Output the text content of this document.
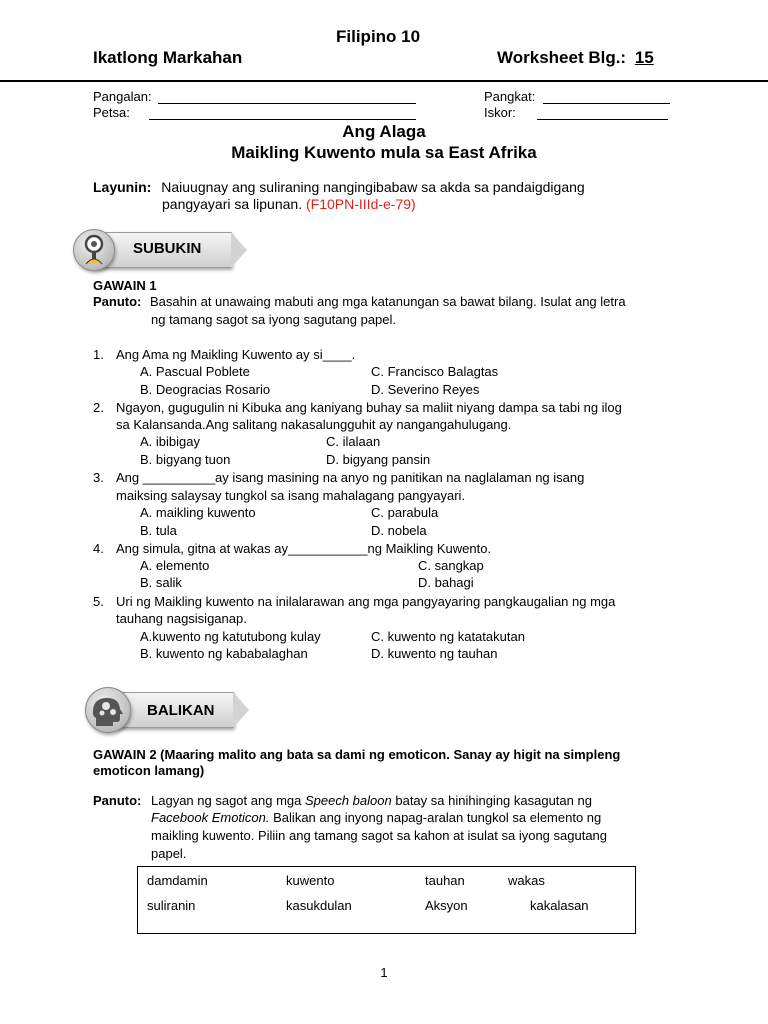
Filipino 10
Ikatlong Markahan	Worksheet Blg.: 15
Pangalan:	Pangkat:
Petsa:	Iskor:
Ang Alaga
Maikling Kuwento mula sa East Afrika
Layunin: Naiuugnay ang suliraning nangingibabaw sa akda sa pandaigdigang
pangyayari sa lipunan. (F10PN-IIId-e-79)
SUBUKIN
GAWAIN 1
Panuto: Basahin at unawaing mabuti ang mga katanungan sa bawat bilang. Isulat ang letra
ng tamang sagot sa iyong sagutang papel.
1. Ang Ama ng Maikling Kuwento ay si____.
A. Pascual Poblete	C. Francisco Balagtas
B. Deogracias Rosario	D. Severino Reyes
2. Ngayon, gugugulin ni Kibuka ang kaniyang buhay sa maliit niyang dampa sa tabi ng ilog
sa Kalansanda.Ang salitang nakasalungguhit ay nangangahulugang.
A. ibibigay	C. ilalaan
B. bigyang tuon	D. bigyang pansin
3. Ang __________ay isang masining na anyo ng panitikan na naglalaman ng isang
maiksing salaysay tungkol sa isang mahalagang pangyayari.
A. maikling kuwento	C. parabula
B. tula	D. nobela
4. Ang simula, gitna at wakas ay___________ng Maikling Kuwento.
A. elemento	C. sangkap
B. salik	D. bahagi
5. Uri ng Maikling kuwento na inilalarawan ang mga pangyayaring pangkaugalian ng mga
tauhang nagsisiganap.
A.kuwento ng katutubong kulay	C. kuwento ng katatakutan
B. kuwento ng kababalaghan	D. kuwento ng tauhan
BALIKAN
GAWAIN 2 (Maaring malito ang bata sa dami ng emoticon. Sanay ay higit na simpleng
emoticon lamang)
Panuto: Lagyan ng sagot ang mga Speech baloon batay sa hinihinging kasagutan ng
Facebook Emoticon. Balikan ang inyong napag-aralan tungkol sa elemento ng
maikling kuwento. Piliin ang tamang sagot sa kahon at isulat sa iyong sagutang
papel.
damdamin	kuwento	tauhan	wakas
suliranin	kasukdulan	Aksyon	kakalasan
1
